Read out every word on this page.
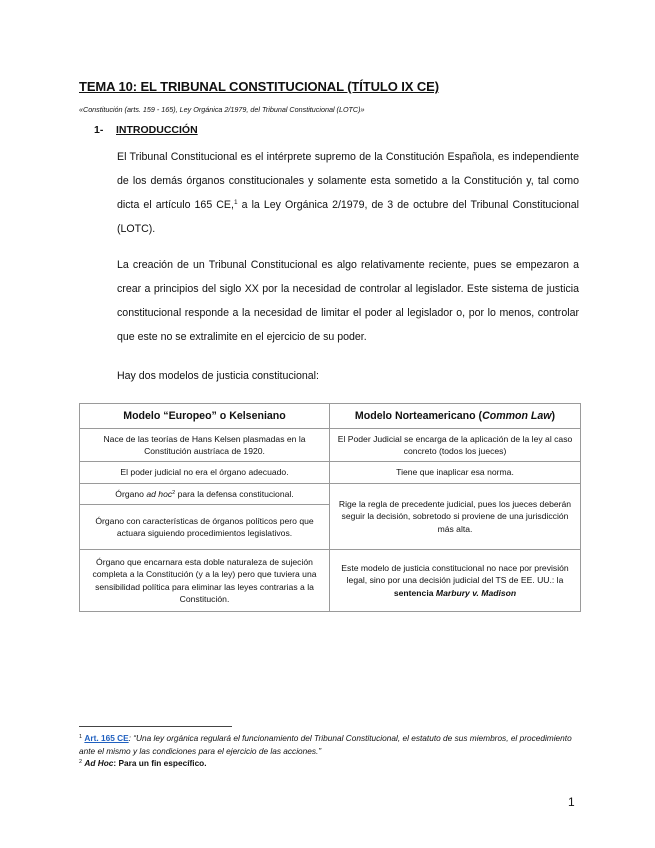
TEMA 10: EL TRIBUNAL CONSTITUCIONAL (TÍTULO IX CE)
«Constitución (arts. 159 - 165), Ley Orgánica 2/1979, del Tribunal Constitucional (LOTC)»
1- INTRODUCCIÓN

El Tribunal Constitucional es el intérprete supremo de la Constitución Española, es independiente de los demás órganos constitucionales y solamente esta sometido a la Constitución y, tal como dicta el artículo 165 CE,$^1$ a la Ley Orgánica 2/1979, de 3 de octubre del Tribunal Constitucional (LOTC).

La creación de un Tribunal Constitucional es algo relativamente reciente, pues se empezaron a crear a principios del siglo XX por la necesidad de controlar al legislador. Este sistema de justicia constitucional responde a la necesidad de limitar el poder al legislador o, por lo menos, controlar que este no se extralimite en el ejercicio de su poder.

Hay dos modelos de justicia constitucional:

Modelo “Europeo” o Kelseniano	Modelo Norteamericano (Common Law)
Nace de las teorías de Hans Kelsen plasmadas en la Constitución austríaca de 1920.	El Poder Judicial se encarga de la aplicación de la ley al caso concreto (todos los jueces)
El poder judicial no era el órgano adecuado.	Tiene que inaplicar esa norma.
Órgano ad hoc$^2$ para la defensa constitucional.	Rige la regla de precedente judicial, pues los jueces deberán seguir la decisión, sobretodo si proviene de una jurisdicción más alta.
Órgano con características de órganos políticos pero que actuara siguiendo procedimientos legislativos.	
Órgano que encarnara esta doble naturaleza de sujeción completa a la Constitución (y a la ley) pero que tuviera una sensibilidad política para eliminar las leyes contrarias a la Constitución.	Este modelo de justicia constitucional no nace por previsión legal, sino por una decisión judicial del TS de EE. UU.: la sentencia Marbury v. Madison

$^1$ Art. 165 CE: “Una ley orgánica regulará el funcionamiento del Tribunal Constitucional, el estatuto de sus miembros, el procedimiento ante el mismo y las condiciones para el ejercicio de las acciones.”

$^2$ Ad Hoc: Para un fin específico.

1
